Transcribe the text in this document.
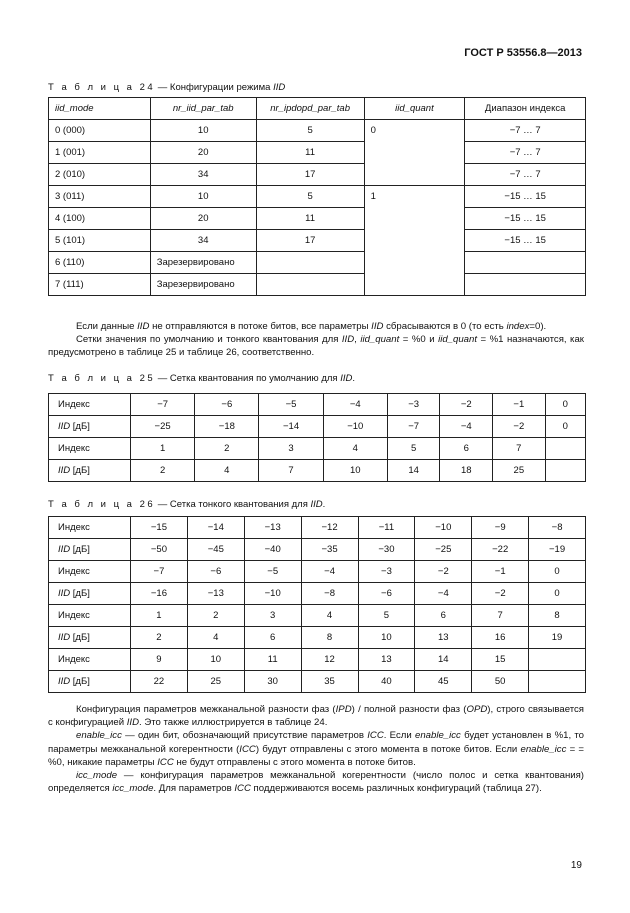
ГОСТ Р 53556.8—2013
Т а б л и ц а 24 — Конфигурации режима IID
iid_mode	nr_iid_par_tab	nr_ipdopd_par_tab	iid_quant	Диапазон индекса
0 (000)	10	5	0	−7 … 7
1 (001)	20	11		−7 … 7
2 (010)	34	17		−7 … 7
3 (011)	10	5	1	−15 … 15
4 (100)	20	11		−15 … 15
5 (101)	34	17		−15 … 15
6 (110)	Зарезервировано			
7 (111)	Зарезервировано			

Если данные IID не отправляются в потоке битов, все параметры IID сбрасываются в 0 (то есть index=0).

Сетки значения по умолчанию и тонкого квантования для IID, iid_quant = %0 и iid_quant = %1 назначаются, как предусмотрено в таблице 25 и таблице 26, соответственно.

Т а б л и ц а 25 — Сетка квантования по умолчанию для IID.
Индекс	−7	−6	−5	−4	−3	−2	−1	0
IID [дБ]	−25	−18	−14	−10	−7	−4	−2	0
Индекс	1	2	3	4	5	6	7	
IID [дБ]	2	4	7	10	14	18	25	
Т а б л и ц а 26 — Сетка тонкого квантования для IID.
Индекс	−15	−14	−13	−12	−11	−10	−9	−8
IID [дБ]	−50	−45	−40	−35	−30	−25	−22	−19
Индекс	−7	−6	−5	−4	−3	−2	−1	0
IID [дБ]	−16	−13	−10	−8	−6	−4	−2	0
Индекс	1	2	3	4	5	6	7	8
IID [дБ]	2	4	6	8	10	13	16	19
Индекс	9	10	11	12	13	14	15	
IID [дБ]	22	25	30	35	40	45	50	

Конфигурация параметров межканальной разности фаз (IPD) / полной разности фаз (OPD), строго связывается с конфигурацией IID. Это также иллюстрируется в таблице 24.

enable_icc — один бит, обозначающий присутствие параметров ICC. Если enable_icc будет установлен в %1, то параметры межканальной когерентности (ICC) будут отправлены с этого момента в потоке битов. Если enable_icc = = %0, никакие параметры ICC не будут отправлены с этого момента в потоке битов.

icc_mode — конфигурация параметров межканальной когерентности (число полос и сетка квантования) определяется icc_mode. Для параметров ICC поддерживаются восемь различных конфигураций (таблица 27).

19
